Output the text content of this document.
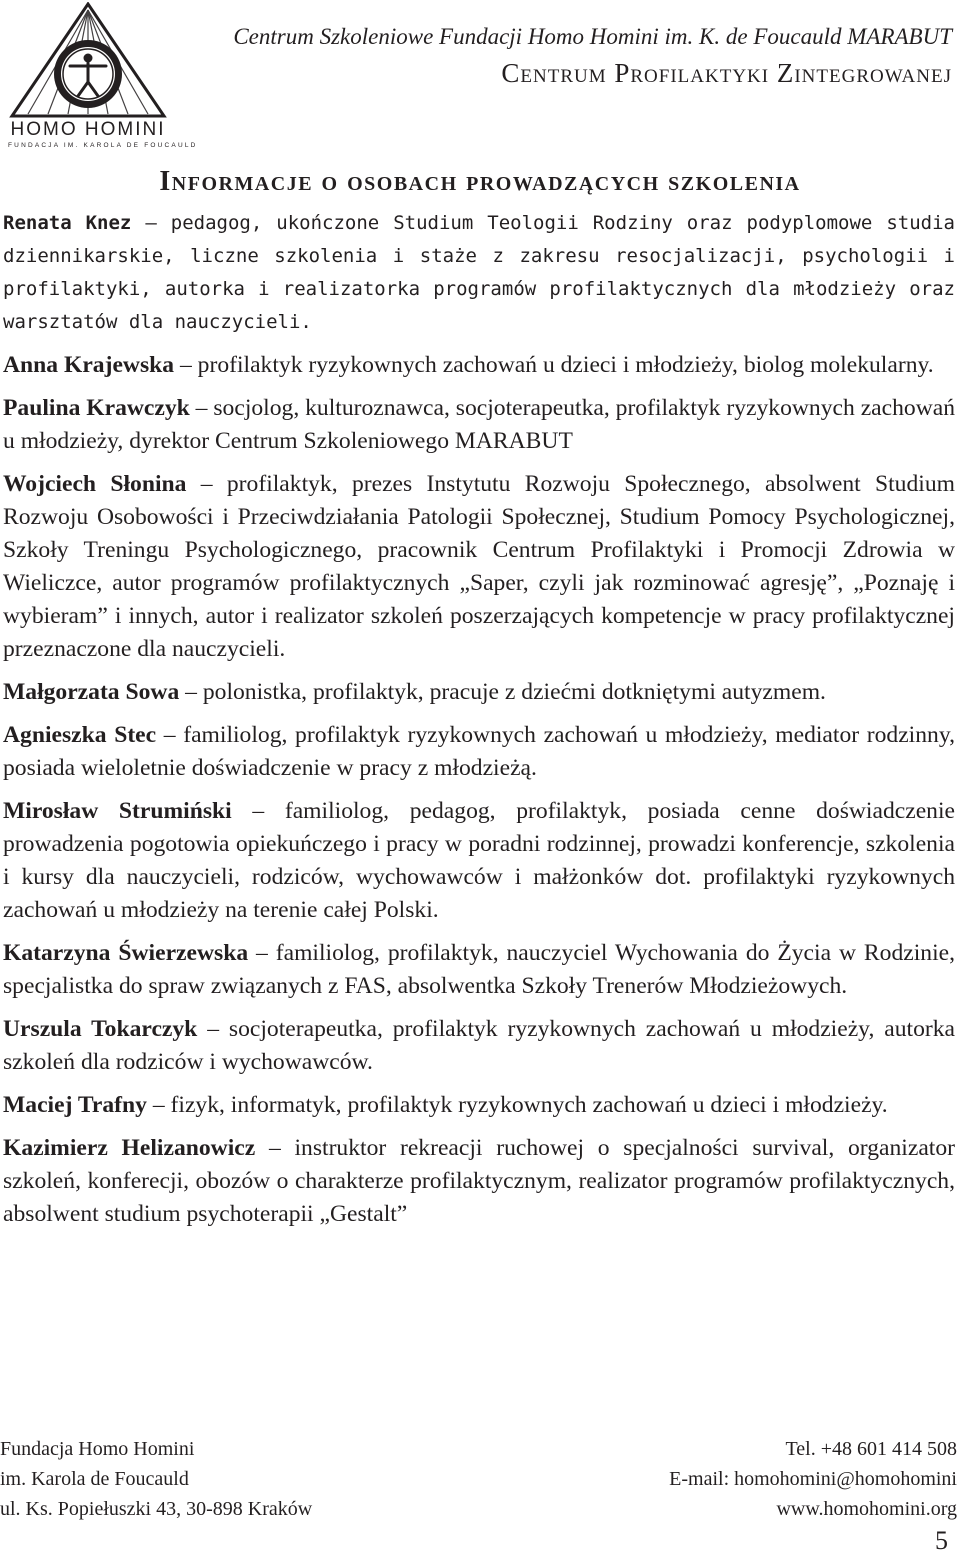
HOMO HOMINI
FUNDACJA IM. KAROLA DE FOUCAULD
Centrum Szkoleniowe Fundacji Homo Homini im. K. de Foucauld MARABUT
Centrum Profilaktyki Zintegrowanej
Informacje o osobach prowadzących szkolenia

Renata Knez – pedagog, ukończone Studium Teologii Rodziny oraz podyplomowe studia dziennikarskie, liczne szkolenia i staże z zakresu resocjalizacji, psychologii i profilaktyki, autorka i realizatorka programów profilaktycznych dla młodzieży oraz warsztatów dla nauczycieli.

Anna Krajewska – profilaktyk ryzykownych zachowań u dzieci i młodzieży, biolog molekularny.

Paulina Krawczyk – socjolog, kulturoznawca, socjoterapeutka, profilaktyk ryzykownych zachowań u młodzieży, dyrektor Centrum Szkoleniowego MARABUT

Wojciech Słonina – profilaktyk, prezes Instytutu Rozwoju Społecznego, absolwent Studium Rozwoju Osobowości i Przeciwdziałania Patologii Społecznej, Studium Pomocy Psychologicznej, Szkoły Treningu Psychologicznego, pracownik Centrum Profilaktyki i Promocji Zdrowia w Wieliczce, autor programów profilaktycznych „Saper, czyli jak rozminować agresję”, „Poznaję i wybieram” i innych, autor i realizator szkoleń poszerzających kompetencje w pracy profilaktycznej przeznaczone dla nauczycieli.

Małgorzata Sowa – polonistka, profilaktyk, pracuje z dziećmi dotkniętymi autyzmem.

Agnieszka Stec – familiolog, profilaktyk ryzykownych zachowań u młodzieży, mediator rodzinny, posiada wieloletnie doświadczenie w pracy z młodzieżą.

Mirosław Strumiński – familiolog, pedagog, profilaktyk, posiada cenne doświadczenie prowadzenia pogotowia opiekuńczego i pracy w poradni rodzinnej, prowadzi konferencje, szkolenia i kursy dla nauczycieli, rodziców, wychowawców i małżonków dot. profilaktyki ryzykownych zachowań u młodzieży na terenie całej Polski.

Katarzyna Świerzewska – familiolog, profilaktyk, nauczyciel Wychowania do Życia w Rodzinie, specjalistka do spraw związanych z FAS, absolwentka Szkoły Trenerów Młodzieżowych.

Urszula Tokarczyk – socjoterapeutka, profilaktyk ryzykownych zachowań u młodzieży, autorka szkoleń dla rodziców i wychowawców.

Maciej Trafny – fizyk, informatyk, profilaktyk ryzykownych zachowań u dzieci i młodzieży.

Kazimierz Helizanowicz – instruktor rekreacji ruchowej o specjalności survival, organizator szkoleń, konferecji, obozów o charakterze profilaktycznym, realizator programów profilaktycznych, absolwent studium psychoterapii „Gestalt”

Fundacja Homo Homini
im. Karola de Foucauld
ul. Ks. Popiełuszki 43, 30-898 Kraków
Tel. +48 601 414 508
E-mail: homohomini@homohomini
www.homohomini.org
5
